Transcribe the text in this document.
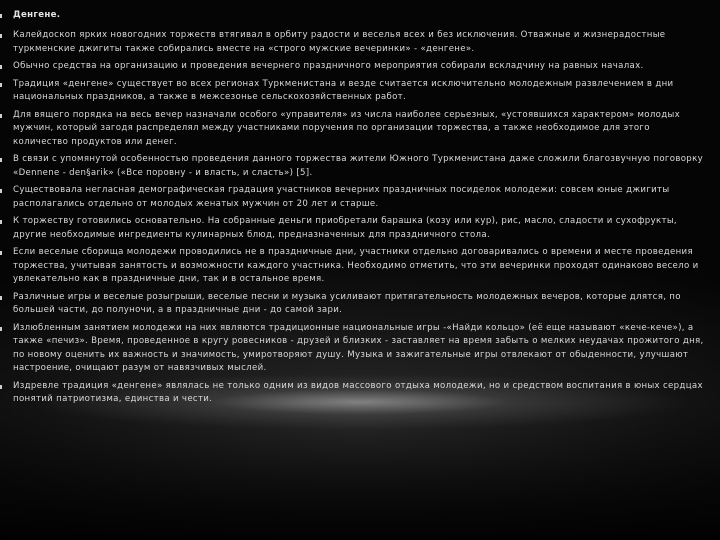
Денгене.
Калейдоскоп ярких новогодних торжеств втягивал в орбиту радости и веселья всех и без исключения. Отважные и жизнерадостные туркменские джигиты также собирались вместе на «строго мужские вечеринки» - «денгене».
Обычно средства на организацию и проведения вечернего праздничного мероприятия собирали вскладчину на равных началах.
Традиция «денгене» существует во всех регионах Туркменистана и везде считается исключительно молодежным развлечением в дни национальных праздников, а также в межсезонье сельскохозяйственных работ.
Для вящего порядка на весь вечер назначали особого «управителя» из числа наиболее серьезных, «устоявшихся характером» молодых мужчин, который загодя распределял между участниками поручения по организации торжества, а также необходимое для этого количество продуктов или денег.
В связи с упомянутой особенностью проведения данного торжества жители Южного Туркменистана даже сложили благозвучную поговорку «Dennene - den§arik» («Все поровну - и власть, и сласть») [5].
Существовала негласная демографическая градация участников вечерних праздничных посиделок молодежи: совсем юные джигиты располагались отдельно от молодых женатых мужчин от 20 лет и старше.
К торжеству готовились основательно. На собранные деньги приобретали барашка (козу или кур), рис, масло, сладости и сухофрукты, другие необходимые ингредиенты кулинарных блюд, предназначенных для праздничного стола.
Если веселые сборища молодежи проводились не в праздничные дни, участники отдельно договаривались о времени и месте проведения торжества, учитывая занятость и возможности каждого участника. Необходимо отметить, что эти вечеринки проходят одинаково весело и увлекательно как в праздничные дни, так и в остальное время.
Различные игры и веселые розыгрыши, веселые песни и музыка усиливают притягательность молодежных вечеров, которые длятся, по большей части, до полуночи, а в праздничные дни - до самой зари.
Излюбленным занятием молодежи на них являются традиционные национальные игры -«Найди кольцо» (её еще называют «кече-кече»), а также «печиз». Время, проведенное в кругу ровесников - друзей и близких - заставляет на время забыть о мелких неудачах прожитого дня, по новому оценить их важность и значимость, умиротворяют душу. Музыка и зажигательные игры отвлекают от обыденности, улучшают настроение, очищают разум от навязчивых мыслей.
Издревле традиция «денгене» являлась не только одним из видов массового отдыха молодежи, но и средством воспитания в юных сердцах понятий патриотизма, единства и чести.
